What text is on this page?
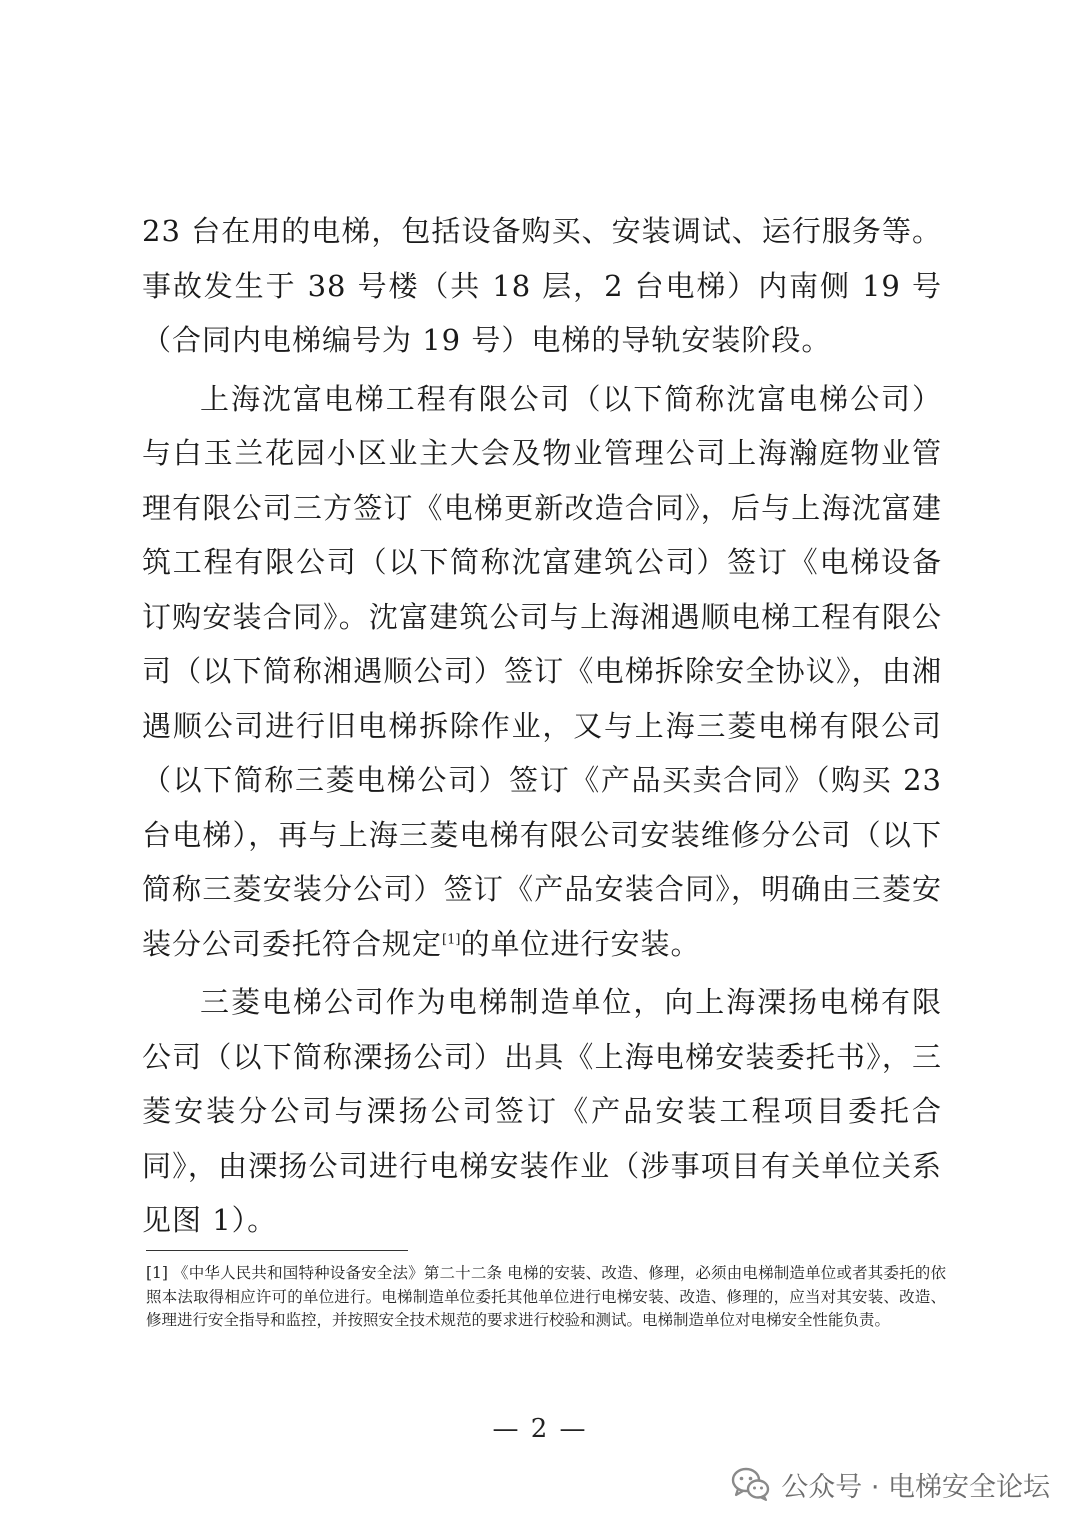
23 台在用的电梯，包括设备购买、安装调试、运行服务等。事故发生于 38 号楼（共 18 层，2 台电梯）内南侧 19 号（合同内电梯编号为 19 号）电梯的导轨安装阶段。

上海沈富电梯工程有限公司（以下简称沈富电梯公司）与白玉兰花园小区业主大会及物业管理公司上海瀚庭物业管理有限公司三方签订《电梯更新改造合同》，后与上海沈富建筑工程有限公司（以下简称沈富建筑公司）签订《电梯设备订购安装合同》。沈富建筑公司与上海湘遇顺电梯工程有限公司（以下简称湘遇顺公司）签订《电梯拆除安全协议》，由湘遇顺公司进行旧电梯拆除作业，又与上海三菱电梯有限公司（以下简称三菱电梯公司）签订《产品买卖合同》（购买 23 台电梯），再与上海三菱电梯有限公司安装维修分公司（以下简称三菱安装分公司）签订《产品安装合同》，明确由三菱安装分公司委托符合规定[1]的单位进行安装。

三菱电梯公司作为电梯制造单位，向上海溧扬电梯有限公司（以下简称溧扬公司）出具《上海电梯安装委托书》，三菱安装分公司与溧扬公司签订《产品安装工程项目委托合同》，由溧扬公司进行电梯安装作业（涉事项目有关单位关系见图 1）。

[1] 《中华人民共和国特种设备安全法》第二十二条 电梯的安装、改造、修理，必须由电梯制造单位或者其委托的依照本法取得相应许可的单位进行。电梯制造单位委托其他单位进行电梯安装、改造、修理的，应当对其安装、改造、修理进行安全指导和监控，并按照安全技术规范的要求进行校验和测试。电梯制造单位对电梯安全性能负责。

— 2 —
公众号 · 电梯安全论坛
